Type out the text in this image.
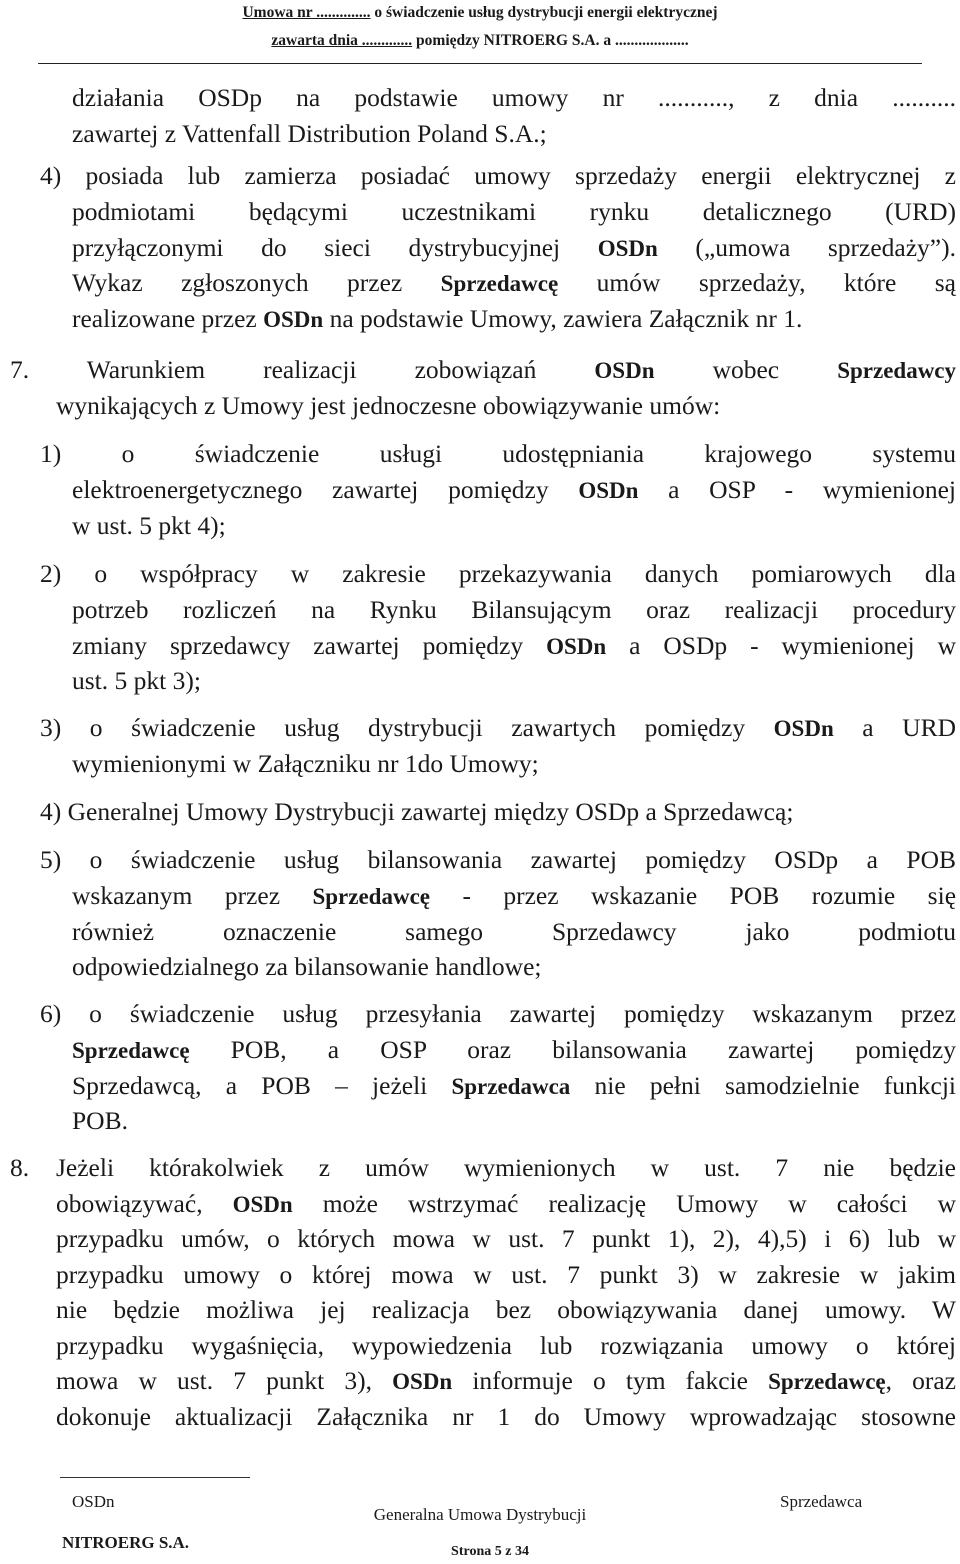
Umowa nr .............. o świadczenie usług dystrybucji energii elektrycznej
zawarta dnia ............. pomiędzy NITROERG S.A. a ...................
działania OSDp na podstawie umowy nr ..........., z dnia ..........
zawartej z Vattenfall Distribution Poland S.A.;
4) posiada lub zamierza posiadać umowy sprzedaży energii elektrycznej z
podmiotami będącymi uczestnikami rynku detalicznego (URD)
przyłączonymi do sieci dystrybucyjnej OSDn („umowa sprzedaży”).
Wykaz zgłoszonych przez Sprzedawcę umów sprzedaży, które są
realizowane przez OSDn na podstawie Umowy, zawiera Załącznik nr 1.
7. Warunkiem realizacji zobowiązań OSDn wobec Sprzedawcy
wynikających z Umowy jest jednoczesne obowiązywanie umów:
1) o świadczenie usługi udostępniania krajowego systemu
elektroenergetycznego zawartej pomiędzy OSDn a OSP - wymienionej
w ust. 5 pkt 4);
2) o współpracy w zakresie przekazywania danych pomiarowych dla
potrzeb rozliczeń na Rynku Bilansującym oraz realizacji procedury
zmiany sprzedawcy zawartej pomiędzy OSDn a OSDp - wymienionej w
ust. 5 pkt 3);
3) o świadczenie usług dystrybucji zawartych pomiędzy OSDn a URD
wymienionymi w Załączniku nr 1do Umowy;
4) Generalnej Umowy Dystrybucji zawartej między OSDp a Sprzedawcą;
5) o świadczenie usług bilansowania zawartej pomiędzy OSDp a POB
wskazanym przez Sprzedawcę - przez wskazanie POB rozumie się
również oznaczenie samego Sprzedawcy jako podmiotu
odpowiedzialnego za bilansowanie handlowe;
6) o świadczenie usług przesyłania zawartej pomiędzy wskazanym przez
Sprzedawcę POB, a OSP oraz bilansowania zawartej pomiędzy
Sprzedawcą, a POB – jeżeli Sprzedawca nie pełni samodzielnie funkcji
POB.
8.	Jeżeli którakolwiek z umów wymienionych w ust. 7 nie będzie
obowiązywać, OSDn może wstrzymać realizację Umowy w całości w
przypadku umów, o których mowa w ust. 7 punkt 1), 2), 4),5) i 6) lub w
przypadku umowy o której mowa w ust. 7 punkt 3) w zakresie w jakim
nie będzie możliwa jej realizacja bez obowiązywania danej umowy. W
przypadku wygaśnięcia, wypowiedzenia lub rozwiązania umowy o której
mowa w ust. 7 punkt 3), OSDn informuje o tym fakcie Sprzedawcę, oraz
dokonuje aktualizacji Załącznika nr 1 do Umowy wprowadzając stosowne
OSDn
Generalna Umowa Dystrybucji
Sprzedawca
NITROERG S.A.	Strona 5 z 34
